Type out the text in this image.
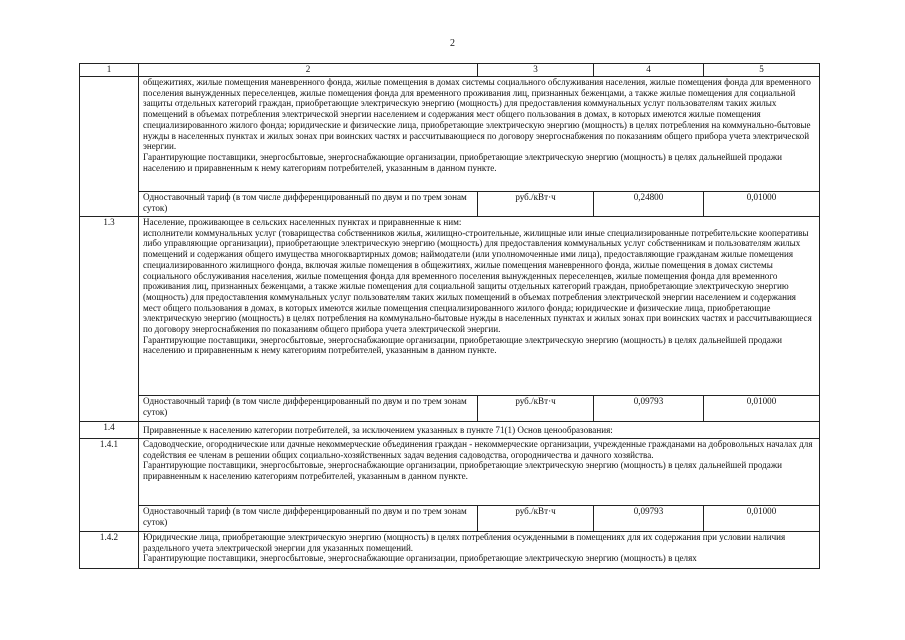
2
1	2	3	4	5

	общежитиях, жилые помещения маневренного фонда, жилые помещения в домах системы социального обслуживания населения, жилые помещения фонда для временного поселения вынужденных переселенцев, жилые помещения фонда для временного проживания лиц, признанных беженцами, а также жилые помещения для социальной защиты отдельных категорий граждан, приобретающие электрическую энергию (мощность) для предоставления коммунальных услуг пользователям таких жилых помещений в объемах потребления электрической энергии населением и содержания мест общего пользования в домах, в которых имеются жилые помещения специализированного жилого фонда; юридические и физические лица, приобретающие электрическую энергию (мощность) в целях потребления на коммунально-бытовые нужды в населенных пунктах и жилых зонах при воинских частях и рассчитывающиеся по договору энергоснабжения по показаниям общего прибора учета электрической энергии.
Гарантирующие поставщики, энергосбытовые, энергоснабжающие организации, приобретающие электрическую энергию (мощность) в целях дальнейшей продажи населению и приравненным к нему категориям потребителей, указанным в данном пункте.			

	Одноставочный тариф (в том числе дифференцированный по двум и по трем зонам суток)	руб./кВт·ч	0,24800	0,01000
1.3	Население, проживающее в сельских населенных пунктах и приравненные к ним:
исполнители коммунальных услуг (товарищества собственников жилья, жилищно-строительные, жилищные или иные специализированные потребительские кооперативы либо управляющие организации), приобретающие электрическую энергию (мощность) для предоставления коммунальных услуг собственникам и пользователям жилых помещений и содержания общего имущества многоквартирных домов; наймодатели (или уполномоченные ими лица), предоставляющие гражданам жилые помещения специализированного жилищного фонда, включая жилые помещения в общежитиях, жилые помещения маневренного фонда, жилые помещения в домах системы социального обслуживания населения, жилые помещения фонда для временного поселения вынужденных переселенцев, жилые помещения фонда для временного проживания лиц, признанных беженцами, а также жилые помещения для социальной защиты отдельных категорий граждан, приобретающие электрическую энергию (мощность) для предоставления коммунальных услуг пользователям таких жилых помещений в объемах потребления электрической энергии населением и содержания мест общего пользования в домах, в которых имеются жилые помещения специализированного жилого фонда; юридические и физические лица, приобретающие электрическую энергию (мощность) в целях потребления на коммунально-бытовые нужды в населенных пунктах и жилых зонах при воинских частях и рассчитывающиеся по договору энергоснабжения по показаниям общего прибора учета электрической энергии.
Гарантирующие поставщики, энергосбытовые, энергоснабжающие организации, приобретающие электрическую энергию (мощность) в целях дальнейшей продажи населению и приравненным к нему категориям потребителей, указанным в данном пункте.			

	Одноставочный тариф (в том числе дифференцированный по двум и по трем зонам суток)	руб./кВт·ч	0,09793	0,01000
1.4	Приравненные к населению категории потребителей, за исключением указанных в пункте 71(1) Основ ценообразования:			

1.4.1	Садоводческие, огороднические или дачные некоммерческие объединения граждан - некоммерческие организации, учрежденные гражданами на добровольных началах для содействия ее членам в решении общих социально-хозяйственных задач ведения садоводства, огородничества и дачного хозяйства.
Гарантирующие поставщики, энергосбытовые, энергоснабжающие организации, приобретающие электрическую энергию (мощность) в целях дальнейшей продажи приравненным к населению категориям потребителей, указанным в данном пункте.			

	Одноставочный тариф (в том числе дифференцированный по двум и по трем зонам суток)	руб./кВт·ч	0,09793	0,01000
1.4.2	Юридические лица, приобретающие электрическую энергию (мощность) в целях потребления осужденными в помещениях для их содержания при условии наличия раздельного учета электрической энергии для указанных помещений.
Гарантирующие поставщики, энергосбытовые, энергоснабжающие организации, приобретающие электрическую энергию (мощность) в целях			
